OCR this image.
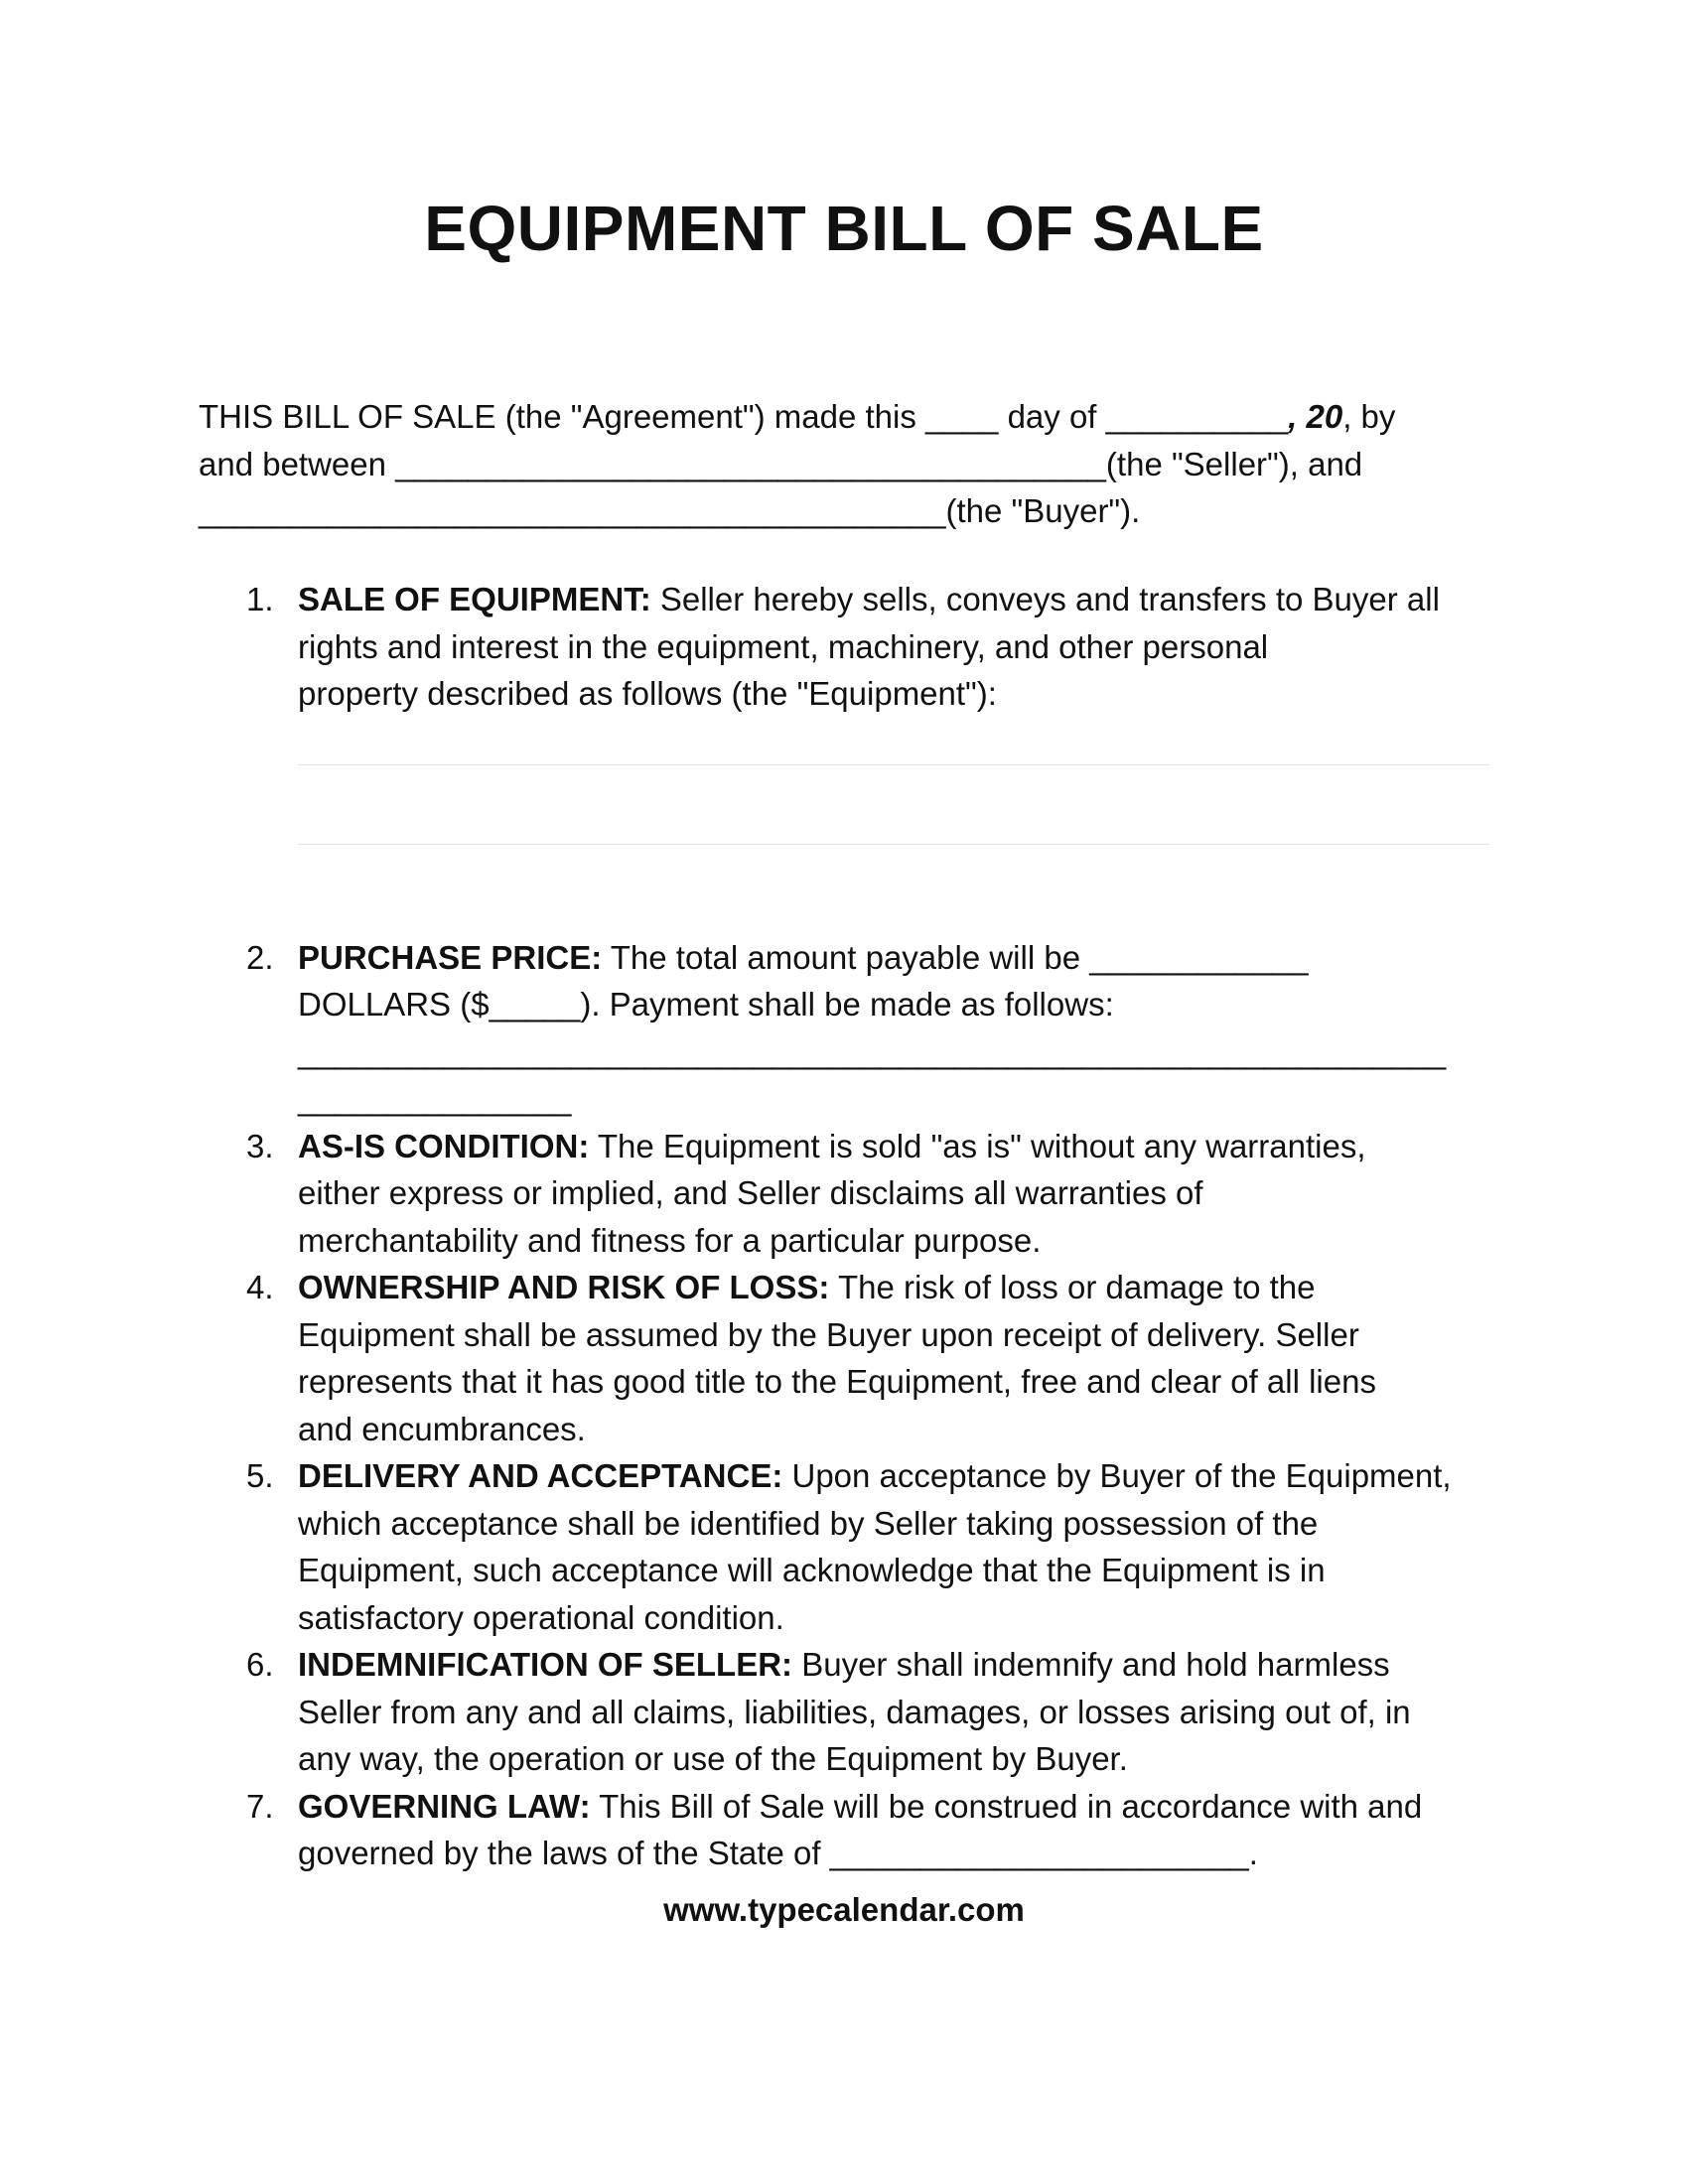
EQUIPMENT BILL OF SALE
THIS BILL OF SALE (the "Agreement") made this ____ day of __________, 20, by
and between _______________________________________(the "Seller"), and
_________________________________________(the "Buyer").
1. SALE OF EQUIPMENT: Seller hereby sells, conveys and transfers to Buyer all
rights and interest in the equipment, machinery, and other personal
property described as follows (the "Equipment"):
2. PURCHASE PRICE: The total amount payable will be ____________
DOLLARS ($_____). Payment shall be made as follows:
_______________________________________________________________
_______________
3. AS-IS CONDITION: The Equipment is sold "as is" without any warranties,
either express or implied, and Seller disclaims all warranties of
merchantability and fitness for a particular purpose.
4. OWNERSHIP AND RISK OF LOSS: The risk of loss or damage to the
Equipment shall be assumed by the Buyer upon receipt of delivery. Seller
represents that it has good title to the Equipment, free and clear of all liens
and encumbrances.
5. DELIVERY AND ACCEPTANCE: Upon acceptance by Buyer of the Equipment,
which acceptance shall be identified by Seller taking possession of the
Equipment, such acceptance will acknowledge that the Equipment is in
satisfactory operational condition.
6. INDEMNIFICATION OF SELLER: Buyer shall indemnify and hold harmless
Seller from any and all claims, liabilities, damages, or losses arising out of, in
any way, the operation or use of the Equipment by Buyer.
7. GOVERNING LAW: This Bill of Sale will be construed in accordance with and
governed by the laws of the State of _______________________.
www.typecalendar.com
